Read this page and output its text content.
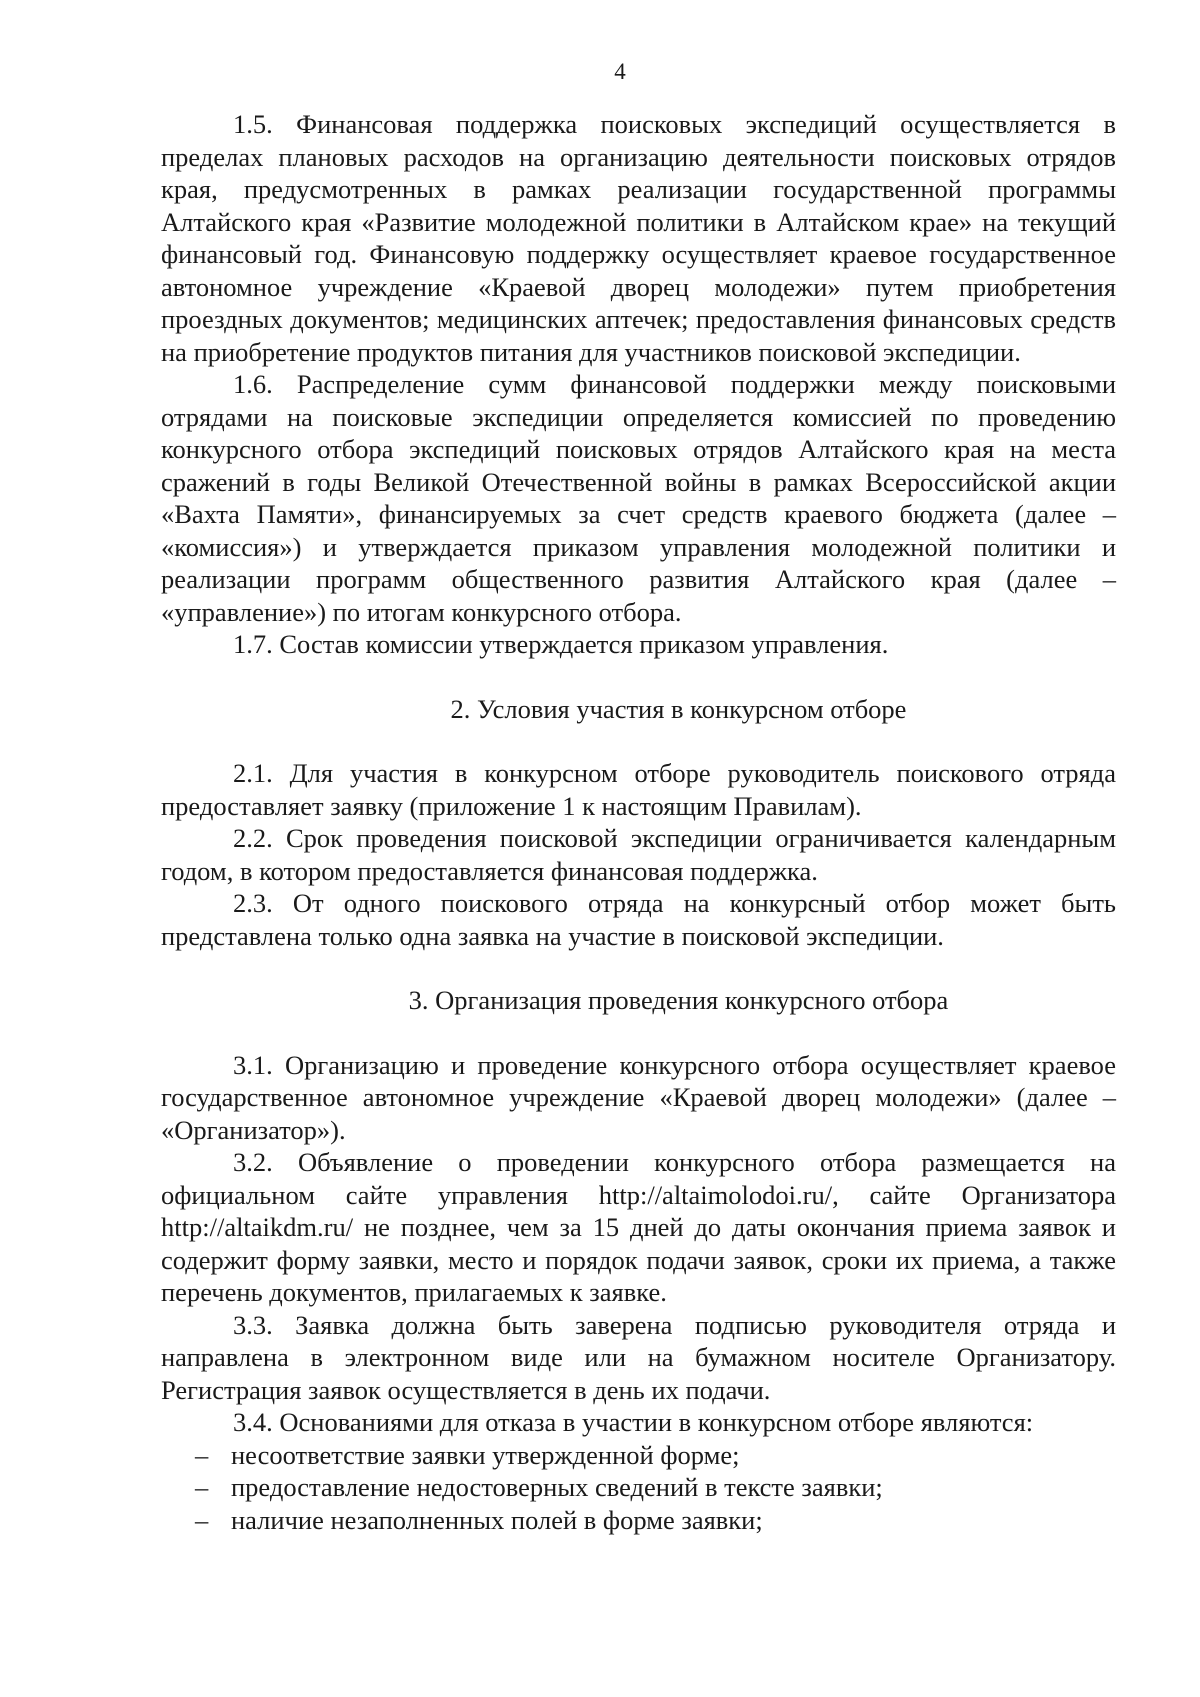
4

1.5. Финансовая поддержка поисковых экспедиций осуществляется в пределах плановых расходов на организацию деятельности поисковых отрядов края, предусмотренных в рамках реализации государственной программы Алтайского края «Развитие молодежной политики в Алтайском крае» на текущий финансовый год. Финансовую поддержку осуществляет краевое государственное автономное учреждение «Краевой дворец молодежи» путем приобретения проездных документов; медицинских аптечек; предоставления финансовых средств на приобретение продуктов питания для участников поисковой экспедиции.

1.6. Распределение сумм финансовой поддержки между поисковыми отрядами на поисковые экспедиции определяется комиссией по проведению конкурсного отбора экспедиций поисковых отрядов Алтайского края на места сражений в годы Великой Отечественной войны в рамках Всероссийской акции «Вахта Памяти», финансируемых за счет средств краевого бюджета (далее – «комиссия») и утверждается приказом управления молодежной политики и реализации программ общественного развития Алтайского края (далее – «управление») по итогам конкурсного отбора.

1.7. Состав комиссии утверждается приказом управления.

2. Условия участия в конкурсном отборе

2.1. Для участия в конкурсном отборе руководитель поискового отряда предоставляет заявку (приложение 1 к настоящим Правилам).

2.2. Срок проведения поисковой экспедиции ограничивается календарным годом, в котором предоставляется финансовая поддержка.

2.3. От одного поискового отряда на конкурсный отбор может быть представлена только одна заявка на участие в поисковой экспедиции.

3. Организация проведения конкурсного отбора

3.1. Организацию и проведение конкурсного отбора осуществляет краевое государственное автономное учреждение «Краевой дворец молодежи» (далее – «Организатор»).

3.2. Объявление о проведении конкурсного отбора размещается на официальном сайте управления http://altaimolodoi.ru/, сайте Организатора http://altaikdm.ru/ не позднее, чем за 15 дней до даты окончания приема заявок и содержит форму заявки, место и порядок подачи заявок, сроки их приема, а также перечень документов, прилагаемых к заявке.

3.3. Заявка должна быть заверена подписью руководителя отряда и направлена в электронном виде или на бумажном носителе Организатору. Регистрация заявок осуществляется в день их подачи.

3.4. Основаниями для отказа в участии в конкурсном отборе являются:

– несоответствие заявки утвержденной форме;
– предоставление недостоверных сведений в тексте заявки;
– наличие незаполненных полей в форме заявки;
